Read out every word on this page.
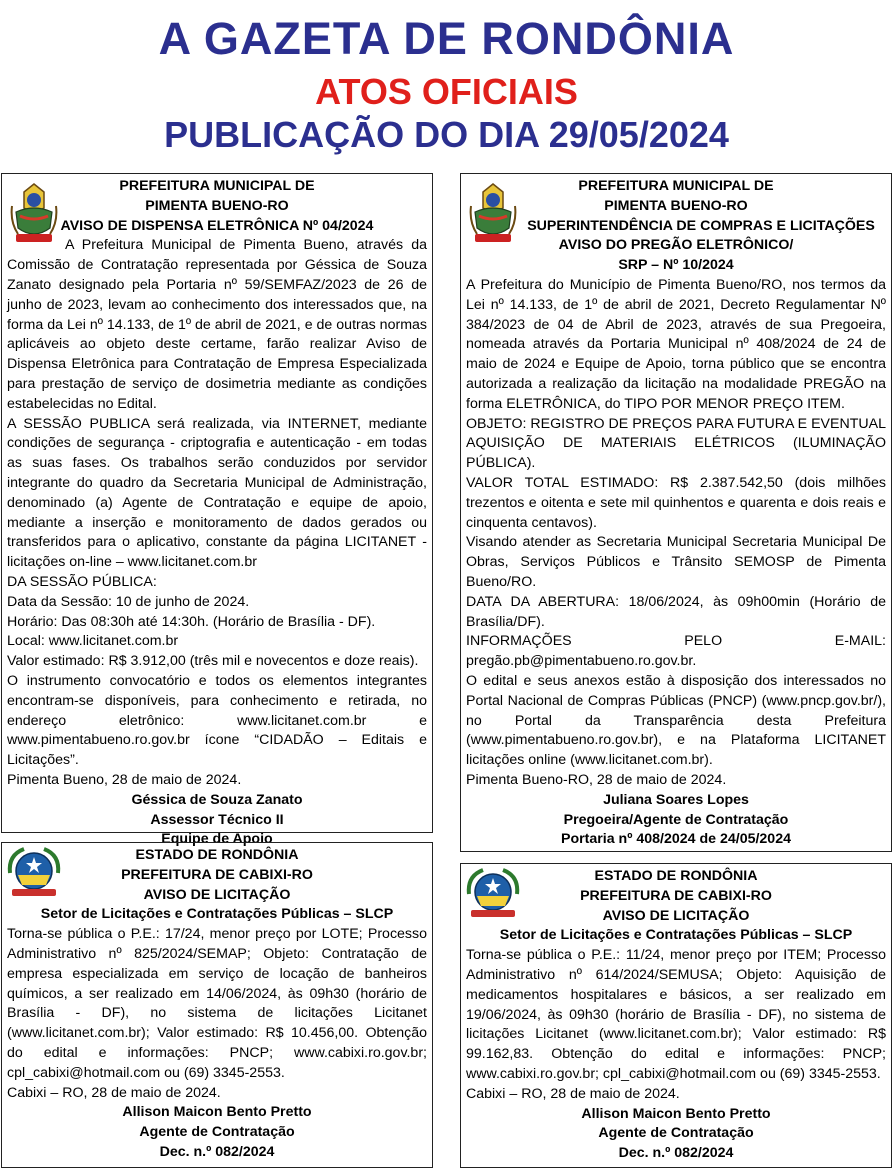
A GAZETA DE RONDÔNIA
ATOS OFICIAIS
PUBLICAÇÃO DO DIA 29/05/2024
PREFEITURA MUNICIPAL DE
PIMENTA BUENO-RO
AVISO DE DISPENSA ELETRÔNICA Nº 04/2024

A Prefeitura Municipal de Pimenta Bueno, através da Comissão de Contratação representada por Géssica de Souza Zanato designado pela Portaria nº 59/SEMFAZ/2023 de 26 de junho de 2023, levam ao conhecimento dos interessados que, na forma da Lei nº 14.133, de 1º de abril de 2021, e de outras normas aplicáveis ao objeto deste certame, farão realizar Aviso de Dispensa Eletrônica para Contratação de Empresa Especializada para prestação de serviço de dosimetria mediante as condições estabelecidas no Edital.

A SESSÃO PUBLICA será realizada, via INTERNET, mediante condições de segurança - criptografia e autenticação - em todas as suas fases. Os trabalhos serão conduzidos por servidor integrante do quadro da Secretaria Municipal de Administração, denominado (a) Agente de Contratação e equipe de apoio, mediante a inserção e monitoramento de dados gerados ou transferidos para o aplicativo, constante da página LICITANET - licitações on-line – www.licitanet.com.br

DA SESSÃO PÚBLICA:

Data da Sessão: 10 de junho de 2024.

Horário: Das 08:30h até 14:30h. (Horário de Brasília - DF).

Local: www.licitanet.com.br

Valor estimado: R$ 3.912,00 (três mil e novecentos e doze reais).

O instrumento convocatório e todos os elementos integrantes encontram-se disponíveis, para conhecimento e retirada, no endereço eletrônico: www.licitanet.com.br e www.pimentabueno.ro.gov.br ícone “CIDADÃO – Editais e Licitações”.

Pimenta Bueno, 28 de maio de 2024.

Géssica de Souza Zanato
Assessor Técnico II
Equipe de Apoio
PREFEITURA MUNICIPAL DE
PIMENTA BUENO-RO
SUPERINTENDÊNCIA DE COMPRAS E LICITAÇÕES
AVISO DO PREGÃO ELETRÔNICO/
SRP – Nº 10/2024

A Prefeitura do Município de Pimenta Bueno/RO, nos termos da Lei nº 14.133, de 1º de abril de 2021, Decreto Regulamentar Nº 384/2023 de 04 de Abril de 2023, através de sua Pregoeira, nomeada através da Portaria Municipal nº 408/2024 de 24 de maio de 2024 e Equipe de Apoio, torna público que se encontra autorizada a realização da licitação na modalidade PREGÃO na forma ELETRÔNICA, do TIPO POR MENOR PREÇO ITEM.

OBJETO: REGISTRO DE PREÇOS PARA FUTURA E EVENTUAL AQUISIÇÃO DE MATERIAIS ELÉTRICOS (ILUMINAÇÃO PÚBLICA).

VALOR TOTAL ESTIMADO: R$ 2.387.542,50 (dois milhões trezentos e oitenta e sete mil quinhentos e quarenta e dois reais e cinquenta centavos).

Visando atender as Secretaria Municipal Secretaria Municipal De Obras, Serviços Públicos e Trânsito SEMOSP de Pimenta Bueno/RO.

DATA DA ABERTURA: 18/06/2024, às 09h00min (Horário de Brasília/DF).

INFORMAÇÕES PELO E-MAIL: pregão.pb@pimentabueno.ro.gov.br.

O edital e seus anexos estão à disposição dos interessados no Portal Nacional de Compras Públicas (PNCP) (www.pncp.gov.br/), no Portal da Transparência desta Prefeitura (www.pimentabueno.ro.gov.br), e na Plataforma LICITANET licitações online (www.licitanet.com.br).

Pimenta Bueno-RO, 28 de maio de 2024.

Juliana Soares Lopes
Pregoeira/Agente de Contratação
Portaria nº 408/2024 de 24/05/2024
ESTADO DE RONDÔNIA
PREFEITURA DE CABIXI-RO
AVISO DE LICITAÇÃO
Setor de Licitações e Contratações Públicas – SLCP

Torna-se pública o P.E.: 17/24, menor preço por LOTE; Processo Administrativo nº 825/2024/SEMAP; Objeto: Contratação de empresa especializada em serviço de locação de banheiros químicos, a ser realizado em 14/06/2024, às 09h30 (horário de Brasília - DF), no sistema de licitações Licitanet (www.licitanet.com.br); Valor estimado: R$ 10.456,00. Obtenção do edital e informações: PNCP; www.cabixi.ro.gov.br; cpl_cabixi@hotmail.com ou (69) 3345-2553.

Cabixi – RO, 28 de maio de 2024.

Allison Maicon Bento Pretto
Agente de Contratação
Dec. n.º 082/2024
ESTADO DE RONDÔNIA
PREFEITURA DE CABIXI-RO
AVISO DE LICITAÇÃO
Setor de Licitações e Contratações Públicas – SLCP

Torna-se pública o P.E.: 11/24, menor preço por ITEM; Processo Administrativo nº 614/2024/SEMUSA; Objeto: Aquisição de medicamentos hospitalares e básicos, a ser realizado em 19/06/2024, às 09h30 (horário de Brasília - DF), no sistema de licitações Licitanet (www.licitanet.com.br); Valor estimado: R$ 99.162,83. Obtenção do edital e informações: PNCP; www.cabixi.ro.gov.br; cpl_cabixi@hotmail.com ou (69) 3345-2553.

Cabixi – RO, 28 de maio de 2024.

Allison Maicon Bento Pretto
Agente de Contratação
Dec. n.º 082/2024
